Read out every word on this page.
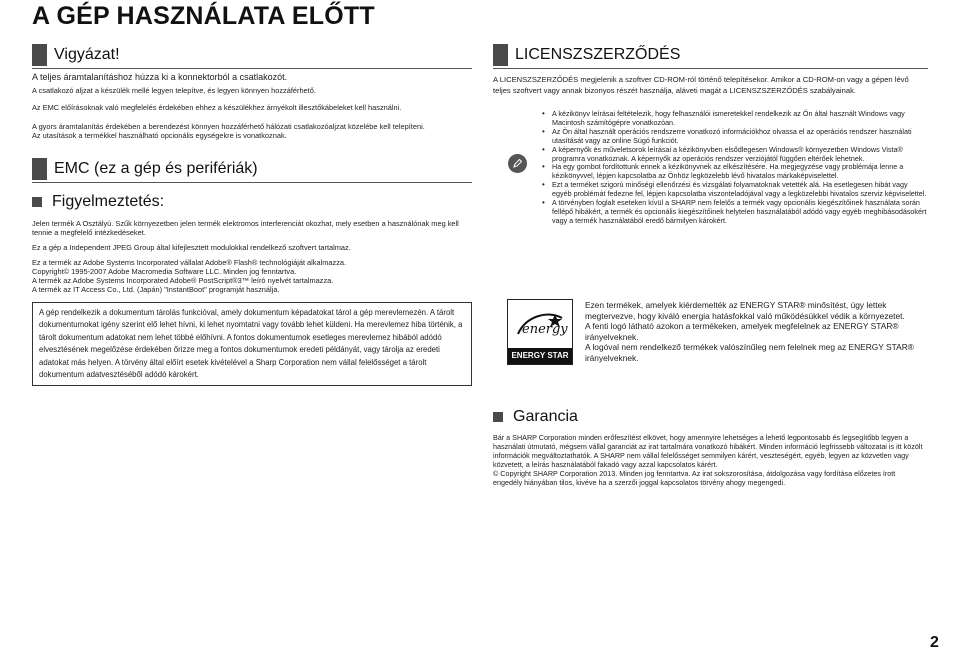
A GÉP HASZNÁLATA ELŐTT
Vigyázat!
A teljes áramtalanításhoz húzza ki a konnektorból a csatlakozót.
A csatlakozó aljzat a készülék mellé legyen telepítve, és legyen könnyen hozzáférhető.
Az EMC előírásoknak való megfelelés érdekében ehhez a készülékhez árnyékolt illesztőkábeleket kell használni.
A gyors áramtalanítás érdekében a berendezést könnyen hozzáférhető hálózati csatlakozóaljzat közelébe kell telepíteni.
Az utasítások a termékkel használható opcionális egységekre is vonatkoznak.
EMC (ez a gép és perifériák)
Figyelmeztetés:
Jelen termék A Osztályú. Szűk környezetben jelen termék elektromos interferenciát okozhat, mely esetben a használónak meg kell tennie a megfelelő intézkedéseket.
Ez a gép a Independent JPEG Group által kifejlesztett modulokkal rendelkező szoftvert tartalmaz.
Ez a termék az Adobe Systems Incorporated vállalat Adobe® Flash® technológiáját alkalmazza.
Copyright© 1995-2007 Adobe Macromedia Software LLC. Minden jog fenntartva.
A termék az Adobe Systems Incorporated Adobe® PostScript®3™ leíró nyelvét tartalmazza.
A termék az IT Access Co., Ltd. (Japán) "InstantBoot" programját használja.
A gép rendelkezik a dokumentum tárolás funkcióval, amely dokumentum képadatokat tárol a gép merevlemezén. A tárolt dokumentumokat igény szerint elő lehet hívni, ki lehet nyomtatni vagy tovább lehet küldeni. Ha merevlemez hiba történik, a tárolt dokumentum adatokat nem lehet többé előhívni. A fontos dokumentumok esetleges merevlemez hibából adódó elvesztésének megelőzése érdekében őrizze meg a fontos dokumentumok eredeti példányát, vagy tárolja az eredeti adatokat más helyen. A törvény által előírt esetek kivételével a Sharp Corporation nem vállal felelősséget a tárolt dokumentum adatvesztéséből adódó károkért.
LICENSZSZERZŐDÉS
A LICENSZSZERZŐDÉS megjelenik a szoftver CD-ROM-ról történő telepítésekor. Amikor a CD-ROM-on vagy a gépen lévő teljes szoftvert vagy annak bizonyos részét használja, aláveti magát a LICENSZSZERZŐDÉS szabályainak.
• A kézikönyv leírásai feltételezik, hogy felhasználói ismeretekkel rendelkezik az Ön által használt Windows vagy Macintosh számítógépre vonatkozóan.
• Az Ön által használt operációs rendszerre vonatkozó információkhoz olvassa el az operációs rendszer használati utasítását vagy az online Súgó funkciót.
• A képernyők és műveletsorok leírásai a kézikönyvben elsődlegesen Windows® környezetben Windows Vista® programra vonatkoznak. A képernyők az operációs rendszer verziójától függően eltérőek lehetnek.
• Ha egy gombot fordítottunk ennek a kézikönyvnek az elkészítésére. Ha megjegyzése vagy problémája lenne a kézikönyvvel, lépjen kapcsolatba az Önhöz legközelebb lévő hivatalos márkaképviselettel.
• Ezt a terméket szigorú minőségi ellenőrzési és vizsgálati folyamatoknak vetették alá. Ha esetlegesen hibát vagy egyéb problémát fedezne fel, lépjen kapcsolatba viszonteladójával vagy a legközelebbi hivatalos szerviz képviselettel.
• A törvényben foglalt eseteken kívül a SHARP nem felelős a termék vagy opcionális kiegészítőinek használata során fellépő hibákért, a termék és opcionális kiegészítőinek helytelen használatából adódó vagy egyéb meghibásodásokért vagy a termék használatából eredő bármilyen károkért.
energy
ENERGY STAR
Ezen termékek, amelyek kiérdemelték az ENERGY STAR® minősítést, úgy lettek megtervezve, hogy kiváló energia hatásfokkal való működésükkel védik a környezetet.
A fenti logó látható azokon a termékeken, amelyek megfelelnek az ENERGY STAR® irányelveknek.
A logóval nem rendelkező termékek valószínűleg nem felelnek meg az ENERGY STAR® irányelveknek.
Garancia
Bár a SHARP Corporation minden erőfeszítést elkövet, hogy amennyire lehetséges a lehető legpontosabb és legsegítőbb legyen a használati útmutató, mégsem vállal garanciát az irat tartalmára vonatkozó hibákért. Minden információ legfrissebb változatai is itt közölt információk megváltoztathatók. A SHARP nem vállal felelősséget semmilyen kárért, veszteségért, egyéb, legyen az közvetlen vagy közvetett, a leírás használatából fakadó vagy azzal kapcsolatos kárért.
© Copyright SHARP Corporation 2013. Minden jog fenntartva. Az irat sokszorosítása, átdolgozása vagy fordítása előzetes írott engedély hiányában tilos, kivéve ha a szerzői joggal kapcsolatos törvény ahogy megengedi.
2
